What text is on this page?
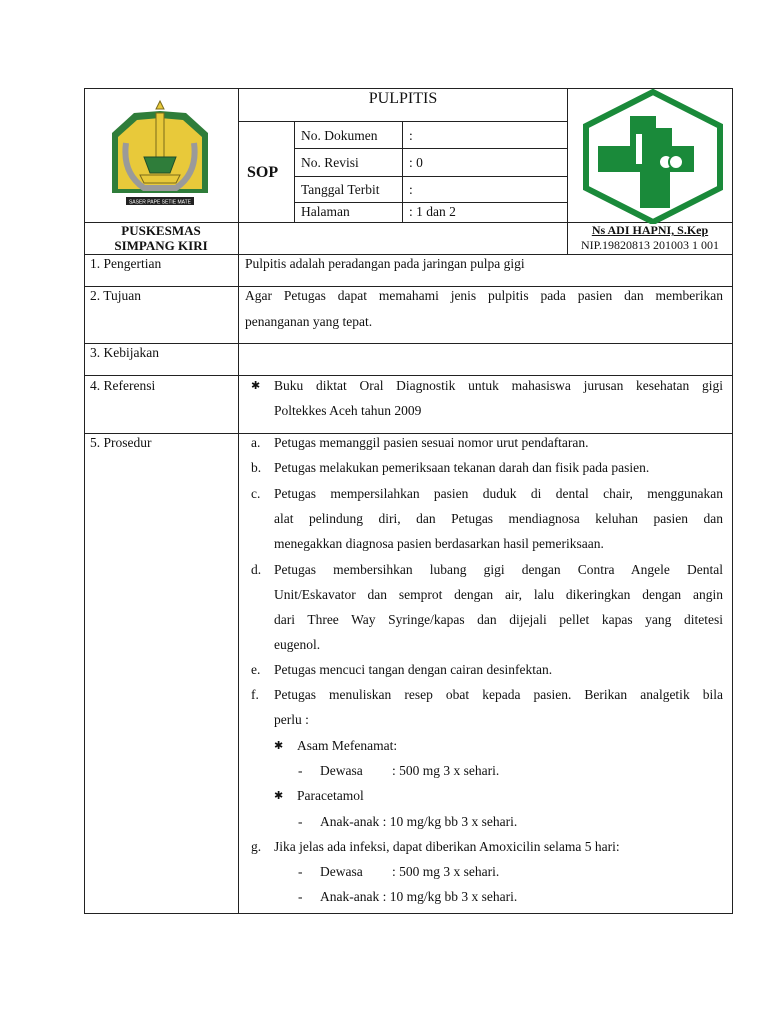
SASER PAPE SETIE MATE
PULPITIS
SOP
No. Dokumen :
No. Revisi	: 0
Tanggal Terbit :
Halaman	: 1 dan 2
PUSKESMAS
SIMPANG KIRI
Ns ADI HAPNI, S.Kep
NIP.19820813 201003 1 001
1. Pengertian	Pulpitis adalah peradangan pada jaringan pulpa gigi
2. Tujuan	Agar Petugas dapat memahami jenis pulpitis pada pasien dan memberikan
penanganan yang tepat.
3. Kebijakan
4. Referensi	✱ Buku diktat Oral Diagnostik untuk mahasiswa jurusan kesehatan gigi
Poltekkes Aceh tahun 2009
5. Prosedur	a. Petugas memanggil pasien sesuai nomor urut pendaftaran.
b. Petugas melakukan pemeriksaan tekanan darah dan fisik pada pasien.
c. Petugas mempersilahkan pasien duduk di dental chair, menggunakan
alat pelindung diri, dan Petugas mendiagnosa keluhan pasien dan
menegakkan diagnosa pasien berdasarkan hasil pemeriksaan.
d. Petugas membersihkan lubang gigi dengan Contra Angele Dental
Unit/Eskavator dan semprot dengan air, lalu dikeringkan dengan angin
dari Three Way Syringe/kapas dan dijejali pellet kapas yang ditetesi
eugenol.
e. Petugas mencuci tangan dengan cairan desinfektan.
f. Petugas menuliskan resep obat kepada pasien. Berikan analgetik bila
perlu :
✱ Asam Mefenamat:
- Dewasa : 500 mg 3 x sehari.
✱ Paracetamol
- Anak-anak : 10 mg/kg bb 3 x sehari.
g. Jika jelas ada infeksi, dapat diberikan Amoxicilin selama 5 hari:
- Dewasa : 500 mg 3 x sehari.
- Anak-anak : 10 mg/kg bb 3 x sehari.
